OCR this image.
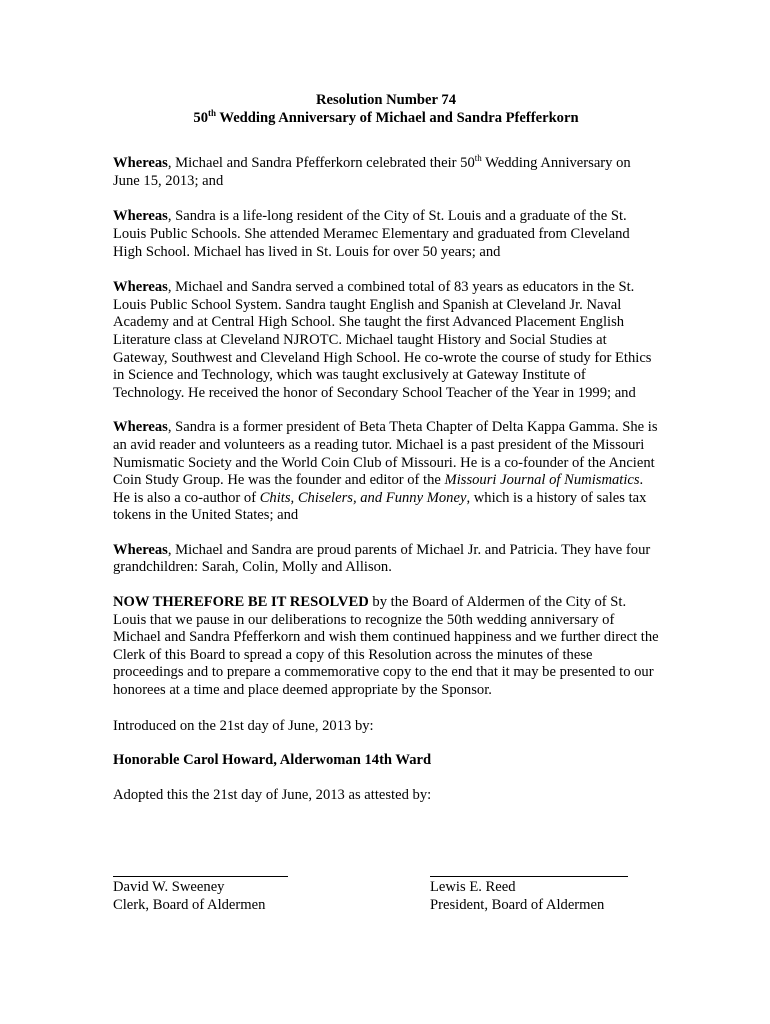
Resolution Number 74

50th Wedding Anniversary of Michael and Sandra Pfefferkorn

Whereas, Michael and Sandra Pfefferkorn celebrated their 50th Wedding Anniversary on June 15, 2013; and

Whereas, Sandra is a life-long resident of the City of St. Louis and a graduate of the St. Louis Public Schools. She attended Meramec Elementary and graduated from Cleveland High School. Michael has lived in St. Louis for over 50 years; and

Whereas, Michael and Sandra served a combined total of 83 years as educators in the St. Louis Public School System. Sandra taught English and Spanish at Cleveland Jr. Naval Academy and at Central High School. She taught the first Advanced Placement English Literature class at Cleveland NJROTC. Michael taught History and Social Studies at Gateway, Southwest and Cleveland High School. He co-wrote the course of study for Ethics in Science and Technology, which was taught exclusively at Gateway Institute of Technology. He received the honor of Secondary School Teacher of the Year in 1999; and

Whereas, Sandra is a former president of Beta Theta Chapter of Delta Kappa Gamma. She is an avid reader and volunteers as a reading tutor. Michael is a past president of the Missouri Numismatic Society and the World Coin Club of Missouri. He is a co-founder of the Ancient Coin Study Group. He was the founder and editor of the Missouri Journal of Numismatics. He is also a co-author of Chits, Chiselers, and Funny Money, which is a history of sales tax tokens in the United States; and

Whereas, Michael and Sandra are proud parents of Michael Jr. and Patricia. They have four grandchildren: Sarah, Colin, Molly and Allison.

NOW THEREFORE BE IT RESOLVED by the Board of Aldermen of the City of St. Louis that we pause in our deliberations to recognize the 50th wedding anniversary of Michael and Sandra Pfefferkorn and wish them continued happiness and we further direct the Clerk of this Board to spread a copy of this Resolution across the minutes of these proceedings and to prepare a commemorative copy to the end that it may be presented to our honorees at a time and place deemed appropriate by the Sponsor.

Introduced on the 21st day of June, 2013 by:

Honorable Carol Howard, Alderwoman 14th Ward

Adopted this the 21st day of June, 2013 as attested by:

David W. Sweeney
Clerk, Board of Aldermen
Lewis E. Reed
President, Board of Aldermen
